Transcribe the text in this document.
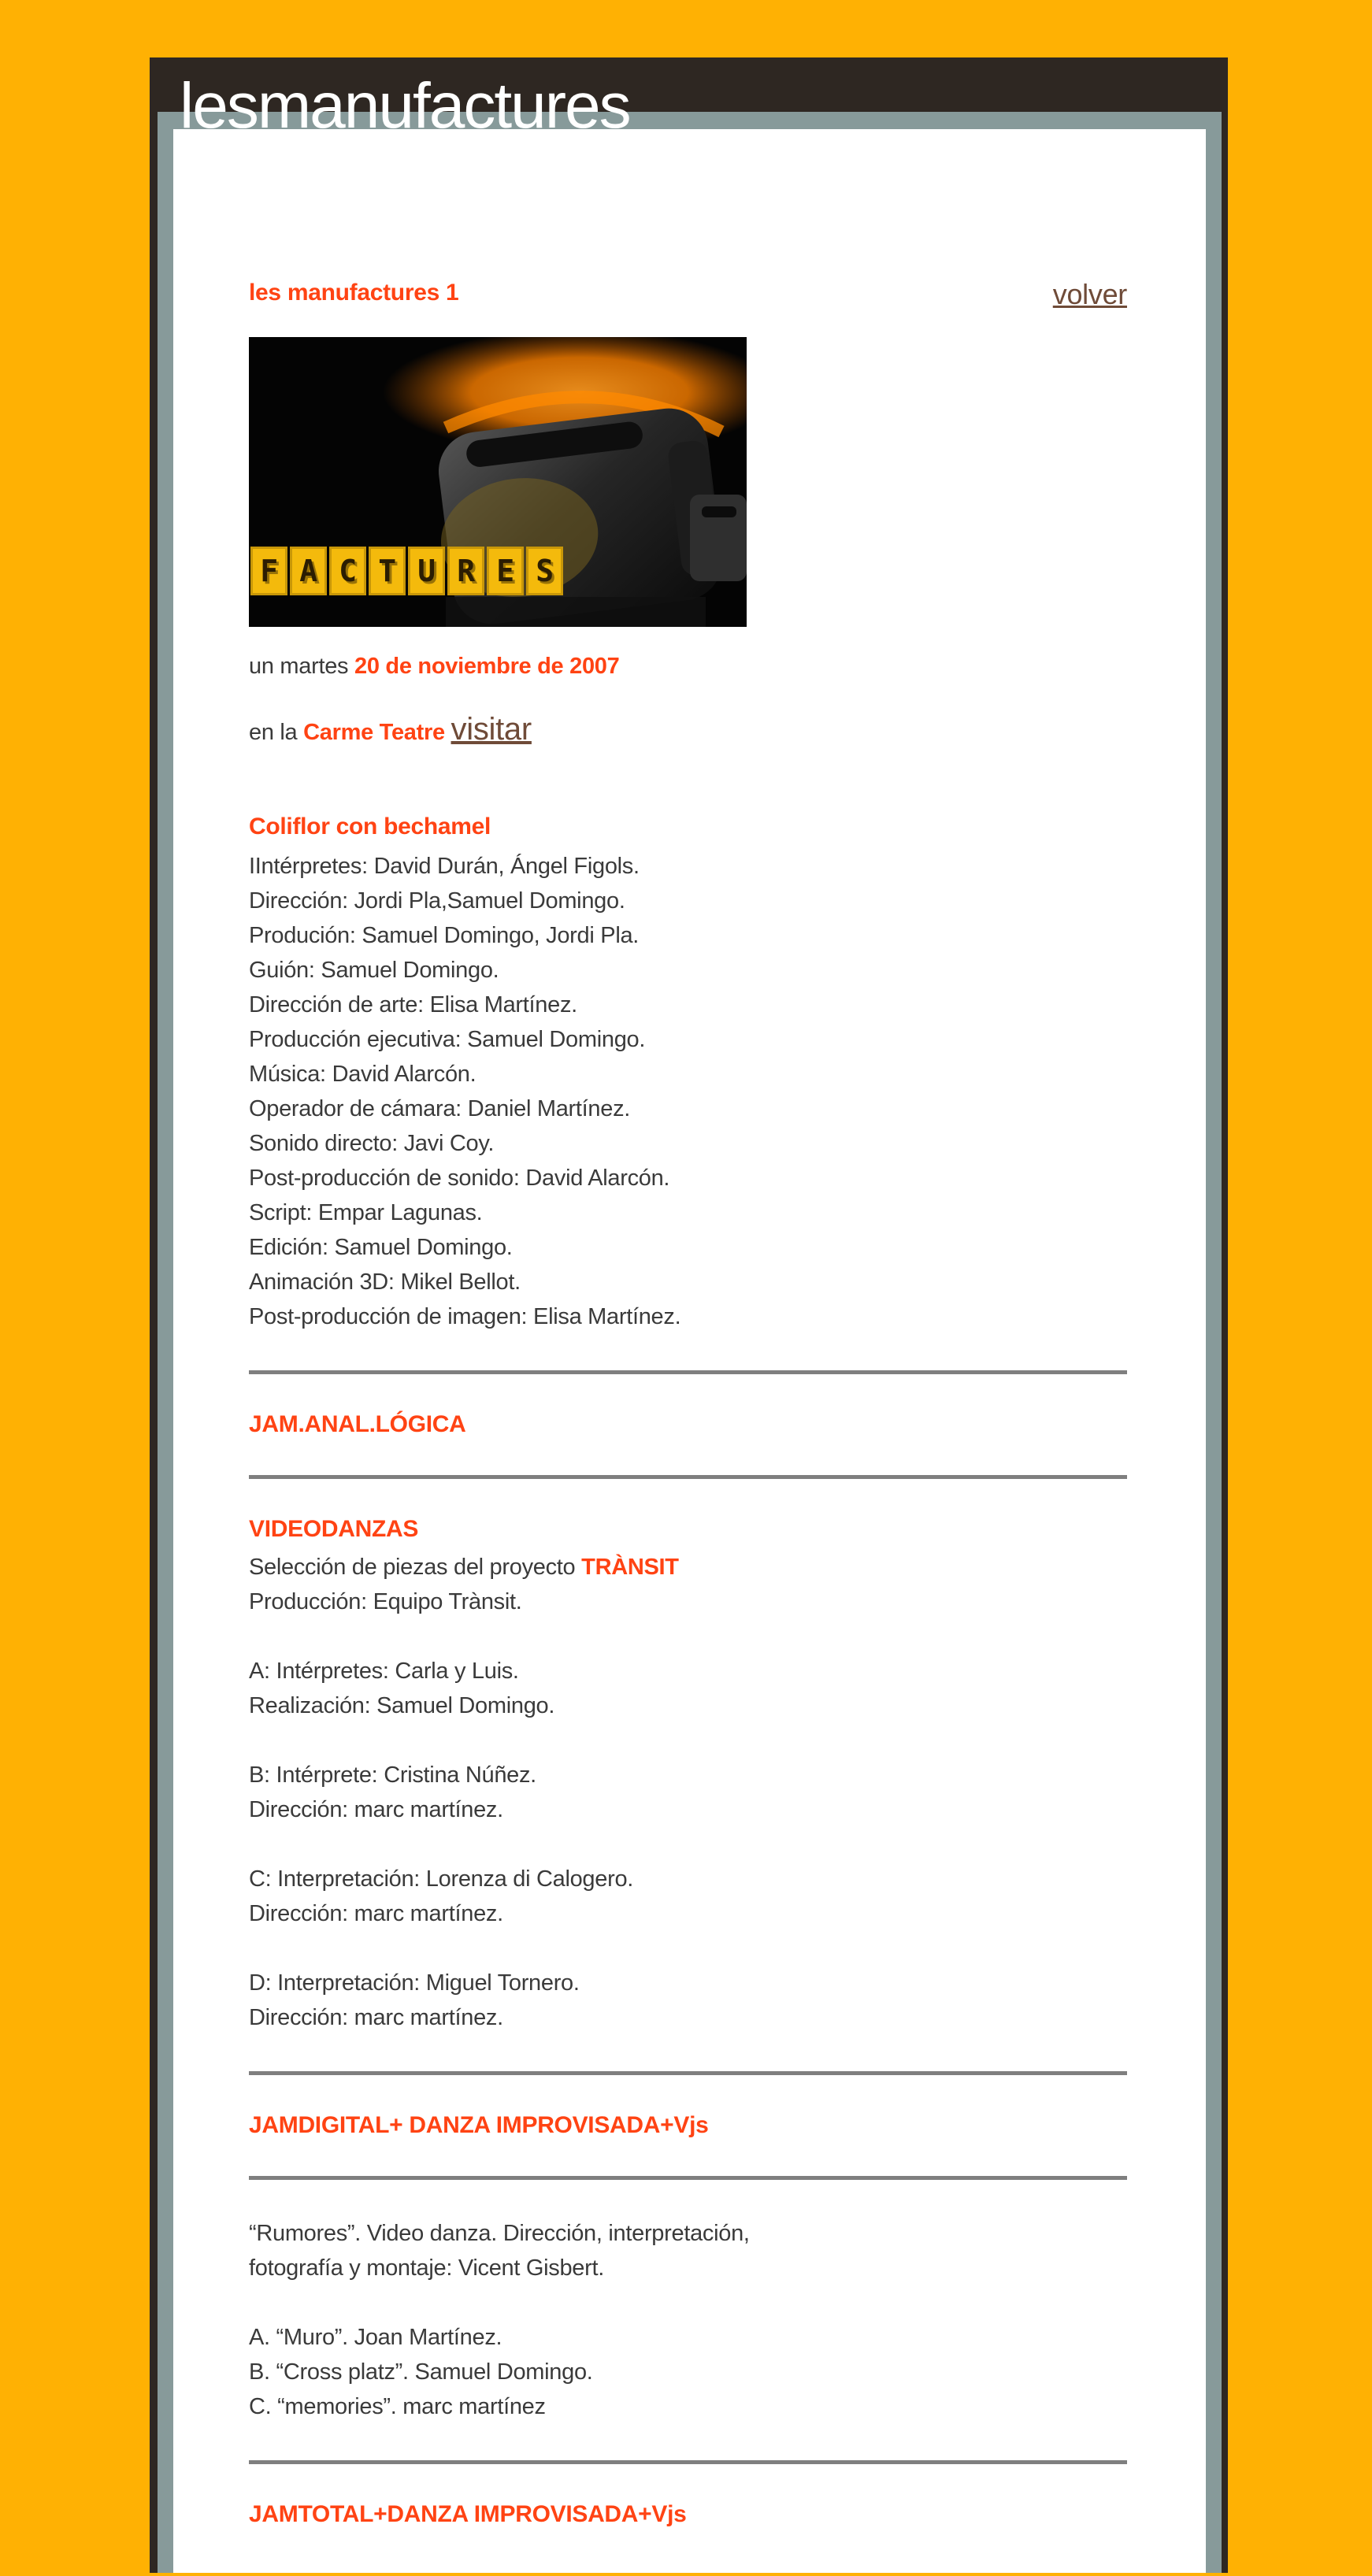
les manufactures 1	volver
F A C T U R E S

un martes 20 de noviembre de 2007

en la Carme Teatre visitar

Coliflor con bechamel
IIntérpretes: David Durán, Ángel Figols.
Dirección: Jordi Pla,Samuel Domingo.
Produción: Samuel Domingo, Jordi Pla.
Guión: Samuel Domingo.
Dirección de arte: Elisa Martínez.
Producción ejecutiva: Samuel Domingo.
Música: David Alarcón.
Operador de cámara: Daniel Martínez.
Sonido directo: Javi Coy.
Post-producción de sonido: David Alarcón.
Script: Empar Lagunas.
Edición: Samuel Domingo.
Animación 3D: Mikel Bellot.
Post-producción de imagen: Elisa Martínez.
JAM.ANAL.LÓGICA
VIDEODANZAS

Selección de piezas del proyecto TRÀNSIT

Producción: Equipo Trànsit.
A: Intérpretes: Carla y Luis.
Realización: Samuel Domingo.
B: Intérprete: Cristina Núñez.
Dirección: marc martínez.
C: Interpretación: Lorenza di Calogero.
Dirección: marc martínez.
D: Interpretación: Miguel Tornero.
Dirección: marc martínez.
JAMDIGITAL+ DANZA IMPROVISADA+Vjs
“Rumores”. Video danza. Dirección, interpretación,
fotografía y montaje: Vicent Gisbert.
A. “Muro”. Joan Martínez.
B. “Cross platz”. Samuel Domingo.
C. “memories”. marc martínez
JAMTOTAL+DANZA IMPROVISADA+Vjs
lesmanufactures
